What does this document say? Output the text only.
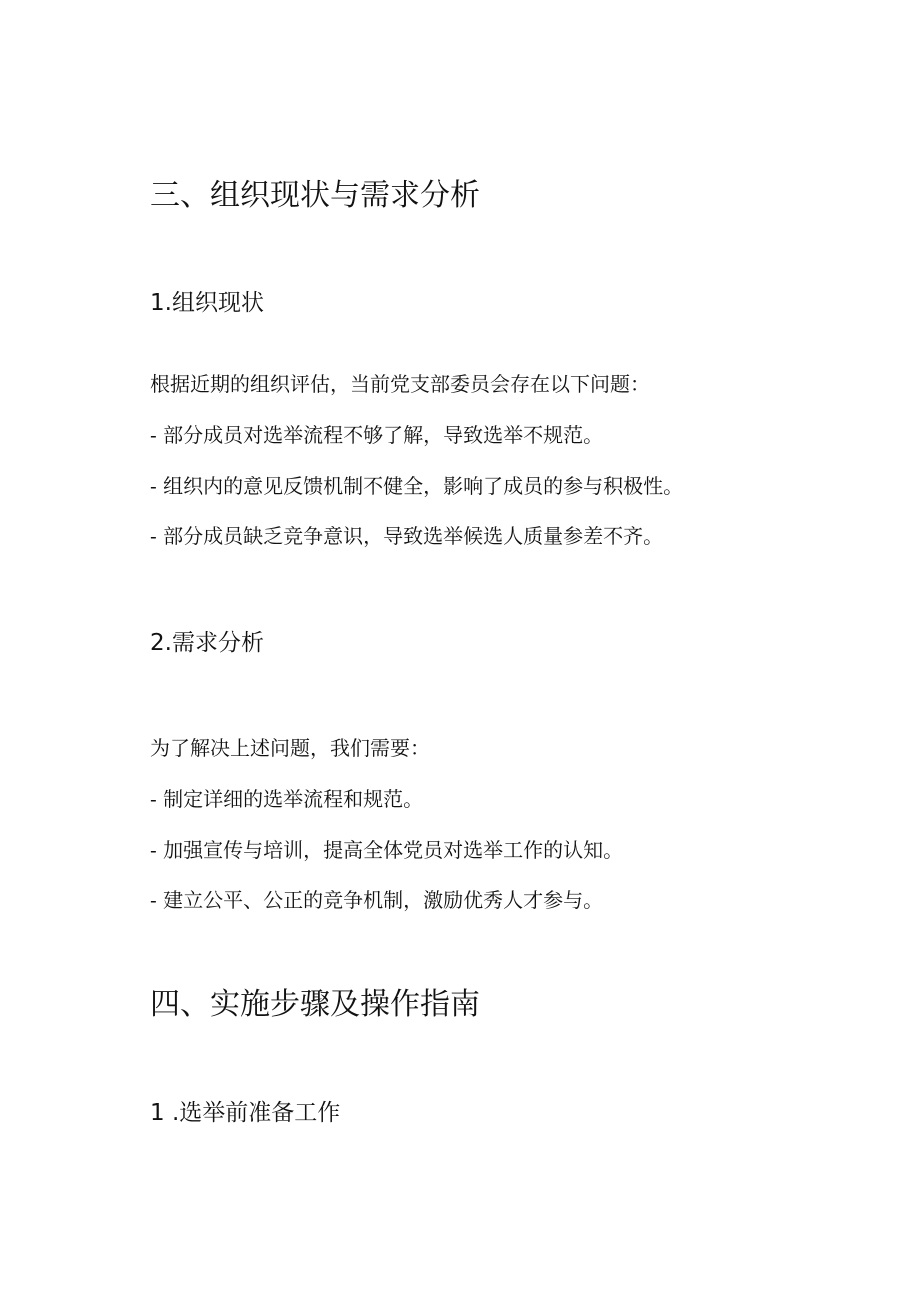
三、组织现状与需求分析
1.组织现状

根据近期的组织评估，当前党支部委员会存在以下问题：

- 部分成员对选举流程不够了解，导致选举不规范。

- 组织内的意见反馈机制不健全，影响了成员的参与积极性。

- 部分成员缺乏竞争意识，导致选举候选人质量参差不齐。

2.需求分析

为了解决上述问题，我们需要：

- 制定详细的选举流程和规范。

- 加强宣传与培训，提高全体党员对选举工作的认知。

- 建立公平、公正的竞争机制，激励优秀人才参与。

四、实施步骤及操作指南
1 .选举前准备工作
